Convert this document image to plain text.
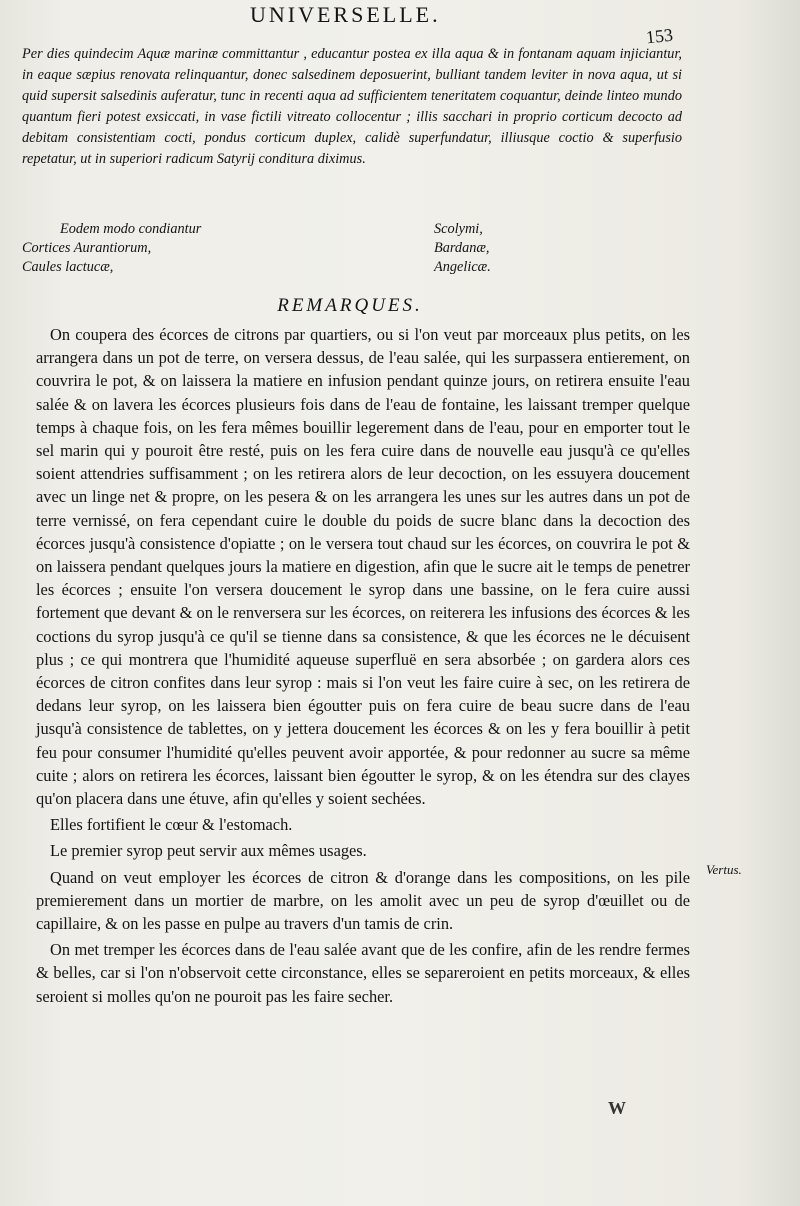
UNIVERSELLE.
153

Per dies quindecim Aquæ marinæ committantur , educantur postea ex illa aqua & in fontanam aquam injiciantur, in eaque sæpius renovata relinquantur, donec salsedinem deposuerint, bulliant tandem leviter in nova aqua, ut si quid supersit salsedinis auferatur, tunc in recenti aqua ad sufficientem teneritatem coquantur, deinde linteo mundo quantum fieri potest exsiccati, in vase fictili vitreato collocentur ; illis sacchari in proprio corticum decocto ad debitam consistentiam cocti, pondus corticum duplex, calidè superfundatur, illiusque coctio & superfusio repetatur, ut in superiori radicum Satyrij conditura diximus.

Eodem modo condiantur	Scolymi,
Cortices Aurantiorum,	Bardanæ,
Caules lactucæ,	Angelicæ.
REMARQUES.

On coupera des écorces de citrons par quartiers, ou si l'on veut par morceaux plus petits, on les arrangera dans un pot de terre, on versera dessus, de l'eau salée, qui les surpassera entierement, on couvrira le pot, & on laissera la matiere en infusion pendant quinze jours, on retirera ensuite l'eau salée & on lavera les écorces plusieurs fois dans de l'eau de fontaine, les laissant tremper quelque temps à chaque fois, on les fera mêmes bouillir legerement dans de l'eau, pour en emporter tout le sel marin qui y pouroit être resté, puis on les fera cuire dans de nouvelle eau jusqu'à ce qu'elles soient attendries suffisamment ; on les retirera alors de leur decoction, on les essuyera doucement avec un linge net & propre, on les pesera & on les arrangera les unes sur les autres dans un pot de terre vernissé, on fera cependant cuire le double du poids de sucre blanc dans la decoction des écorces jusqu'à consistence d'opiatte ; on le versera tout chaud sur les écorces, on couvrira le pot & on laissera pendant quelques jours la matiere en digestion, afin que le sucre ait le temps de penetrer les écorces ; ensuite l'on versera doucement le syrop dans une bassine, on le fera cuire aussi fortement que devant & on le renversera sur les écorces, on reiterera les infusions des écorces & les coctions du syrop jusqu'à ce qu'il se tienne dans sa consistence, & que les écorces ne le décuisent plus ; ce qui montrera que l'humidité aqueuse superfluë en sera absorbée ; on gardera alors ces écorces de citron confites dans leur syrop : mais si l'on veut les faire cuire à sec, on les retirera de dedans leur syrop, on les laissera bien égoutter puis on fera cuire de beau sucre dans de l'eau jusqu'à consistence de tablettes, on y jettera doucement les écorces & on les y fera bouillir à petit feu pour consumer l'humidité qu'elles peuvent avoir apportée, & pour redonner au sucre sa même cuite ; alors on retirera les écorces, laissant bien égoutter le syrop, & on les étendra sur des clayes qu'on placera dans une étuve, afin qu'elles y soient sechées.

Elles fortifient le cœur & l'estomach.

Le premier syrop peut servir aux mêmes usages.

Quand on veut employer les écorces de citron & d'orange dans les compositions, on les pile premierement dans un mortier de marbre, on les amolit avec un peu de syrop d'œuillet ou de capillaire, & on les passe en pulpe au travers d'un tamis de crin.

On met tremper les écorces dans de l'eau salée avant que de les confire, afin de les rendre fermes & belles, car si l'on n'observoit cette circonstance, elles se separeroient en petits morceaux, & elles seroient si molles qu'on ne pouroit pas les faire secher.

Vertus.
W
